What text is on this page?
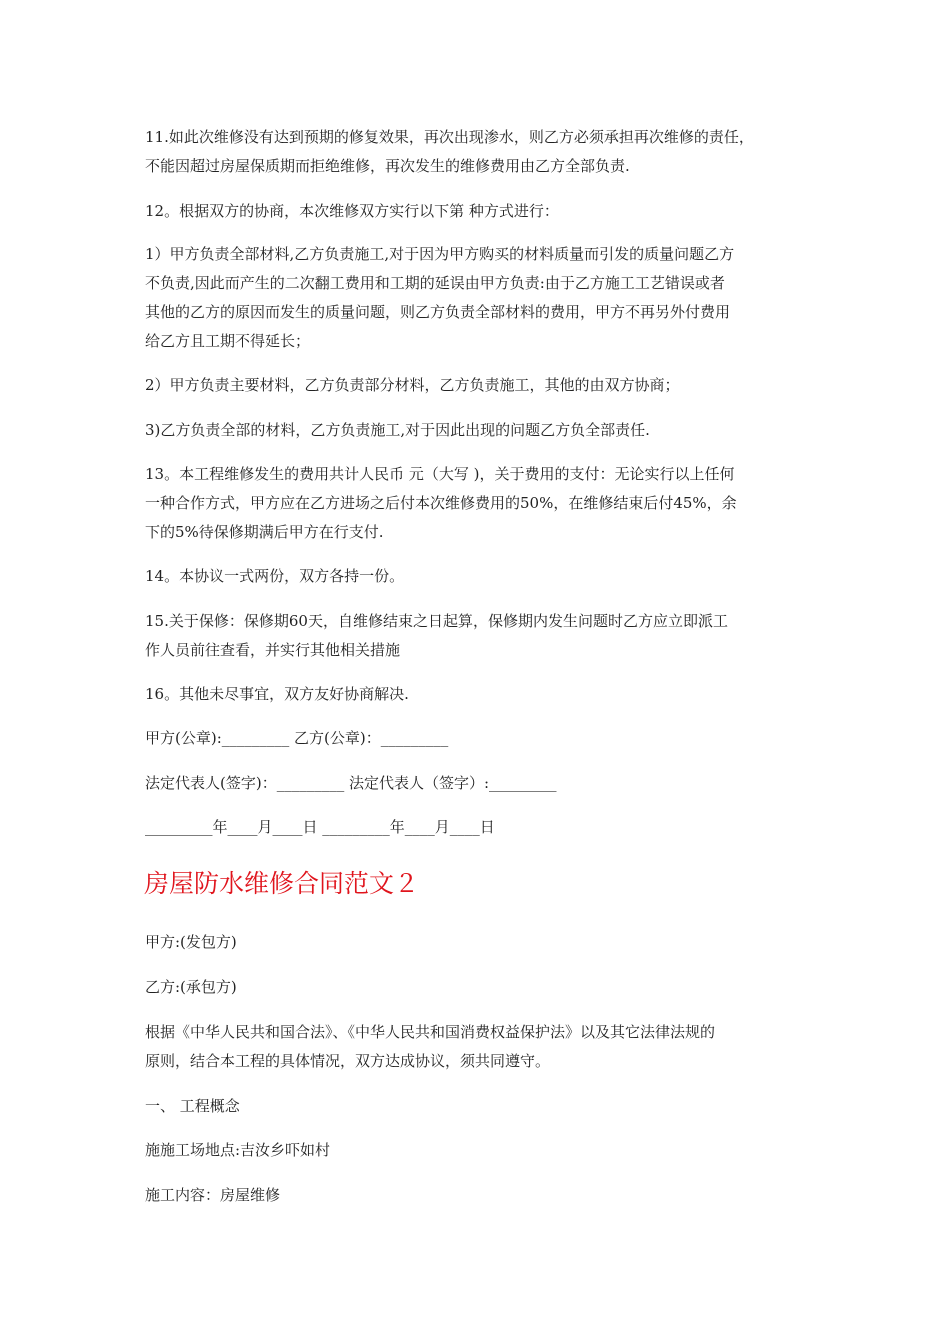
11.如此次维修没有达到预期的修复效果，再次出现渗水，则乙方必须承担再次维修的责任，
不能因超过房屋保质期而拒绝维修，再次发生的维修费用由乙方全部负责.

12。根据双方的协商，本次维修双方实行以下第 种方式进行：

1）甲方负责全部材料,乙方负责施工,对于因为甲方购买的材料质量而引发的质量问题乙方
不负责,因此而产生的二次翻工费用和工期的延误由甲方负责:由于乙方施工工艺错误或者
其他的乙方的原因而发生的质量问题，则乙方负责全部材料的费用，甲方不再另外付费用
给乙方且工期不得延长；

2）甲方负责主要材料，乙方负责部分材料，乙方负责施工，其他的由双方协商；

3)乙方负责全部的材料，乙方负责施工,对于因此出现的问题乙方负全部责任.

13。本工程维修发生的费用共计人民币 元（大写 )，关于费用的支付：无论实行以上任何
一种合作方式，甲方应在乙方进场之后付本次维修费用的50%，在维修结束后付45%，余
下的5%待保修期满后甲方在行支付.

14。本协议一式两份，双方各持一份。

15.关于保修：保修期60天，自维修结束之日起算，保修期内发生问题时乙方应立即派工
作人员前往查看，并实行其他相关措施

16。其他未尽事宜，双方友好协商解决.

甲方(公章):_________ 乙方(公章)：_________

法定代表人(签字)：_________ 法定代表人（签字）:_________

_________年____月____日 _________年____月____日

房屋防水维修合同范文２

甲方:(发包方)

乙方:(承包方)

根据《中华人民共和国合法》、《中华人民共和国消费权益保护法》以及其它法律法规的
原则，结合本工程的具体情况，双方达成协议，须共同遵守。

一、 工程概念

施施工场地点:吉汝乡吓如村

施工内容：房屋维修
